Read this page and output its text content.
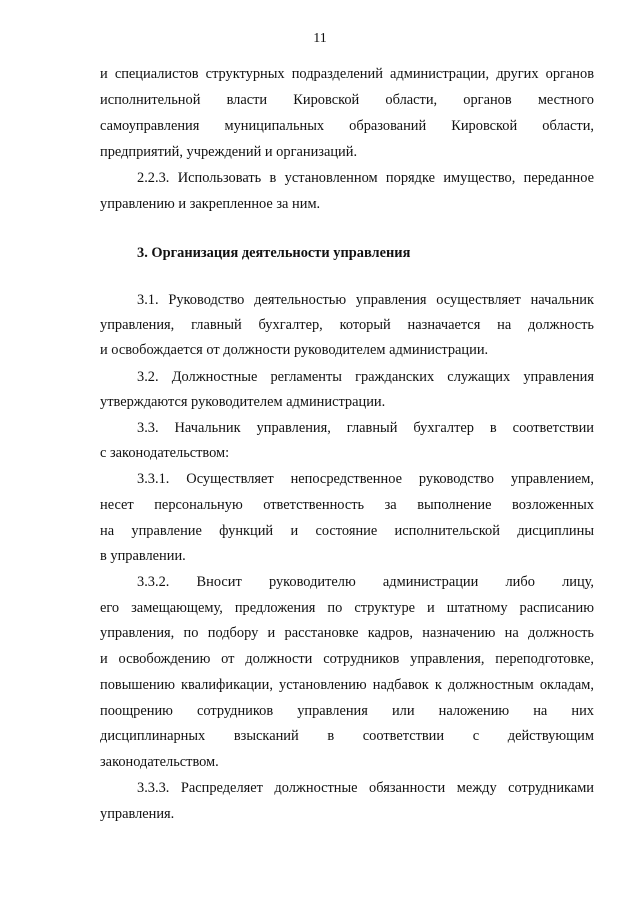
11
и специалистов структурных подразделений администрации, других органов
исполнительной власти Кировской области, органов местного
самоуправления муниципальных образований Кировской области,
предприятий, учреждений и организаций.
2.2.3. Использовать в установленном порядке имущество, переданное
управлению и закрепленное за ним.
3. Организация деятельности управления
3.1. Руководство деятельностью управления осуществляет начальник
управления, главный бухгалтер, который назначается на должность
и освобождается от должности руководителем администрации.
3.2. Должностные регламенты гражданских служащих управления
утверждаются руководителем администрации.
3.3. Начальник управления, главный бухгалтер в соответствии
с законодательством:
3.3.1. Осуществляет непосредственное руководство управлением,
несет персональную ответственность за выполнение возложенных
на управление функций и состояние исполнительской дисциплины
в управлении.
3.3.2. Вносит руководителю администрации либо лицу,
его замещающему, предложения по структуре и штатному расписанию
управления, по подбору и расстановке кадров, назначению на должность
и освобождению от должности сотрудников управления, переподготовке,
повышению квалификации, установлению надбавок к должностным окладам,
поощрению сотрудников управления или наложению на них
дисциплинарных взысканий в соответствии с действующим
законодательством.
3.3.3. Распределяет должностные обязанности между сотрудниками
управления.
